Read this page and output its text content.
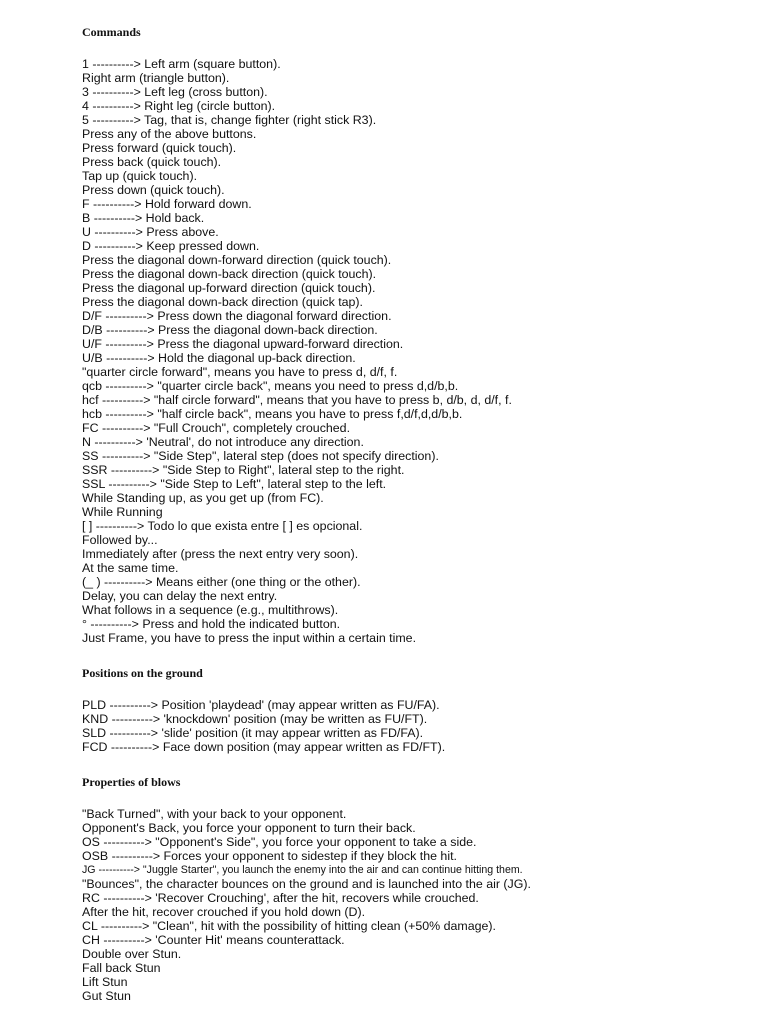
Commands
1 ----------> Left arm (square button).
Right arm (triangle button).
3 ----------> Left leg (cross button).
4 ----------> Right leg (circle button).
5 ----------> Tag, that is, change fighter (right stick R3).
Press any of the above buttons.
Press forward (quick touch).
Press back (quick touch).
Tap up (quick touch).
Press down (quick touch).
F ----------> Hold forward down.
B ----------> Hold back.
U ----------> Press above.
D ----------> Keep pressed down.
Press the diagonal down-forward direction (quick touch).
Press the diagonal down-back direction (quick touch).
Press the diagonal up-forward direction (quick touch).
Press the diagonal down-back direction (quick tap).
D/F ----------> Press down the diagonal forward direction.
D/B ----------> Press the diagonal down-back direction.
U/F ----------> Press the diagonal upward-forward direction.
U/B ----------> Hold the diagonal up-back direction.
"quarter circle forward", means you have to press d, d/f, f.
qcb ----------> "quarter circle back", means you need to press d,d/b,b.
hcf ----------> "half circle forward", means that you have to press b, d/b, d, d/f, f.
hcb ----------> "half circle back", means you have to press f,d/f,d,d/b,b.
FC ----------> "Full Crouch", completely crouched.
N ----------> 'Neutral', do not introduce any direction.
SS ----------> "Side Step", lateral step (does not specify direction).
SSR ----------> "Side Step to Right", lateral step to the right.
SSL ----------> "Side Step to Left", lateral step to the left.
While Standing up, as you get up (from FC).
While Running
[ ] ----------> Todo lo que exista entre [ ] es opcional.
Followed by...
Immediately after (press the next entry very soon).
At the same time.
(_ ) ----------> Means either (one thing or the other).
Delay, you can delay the next entry.
What follows in a sequence (e.g., multithrows).
° ----------> Press and hold the indicated button.
Just Frame, you have to press the input within a certain time.
Positions on the ground
PLD ----------> Position 'playdead' (may appear written as FU/FA).
KND ----------> 'knockdown' position (may be written as FU/FT).
SLD ----------> 'slide' position (it may appear written as FD/FA).
FCD ----------> Face down position (may appear written as FD/FT).
Properties of blows
"Back Turned", with your back to your opponent.
Opponent's Back, you force your opponent to turn their back.
OS ----------> "Opponent's Side", you force your opponent to take a side.
OSB ----------> Forces your opponent to sidestep if they block the hit.
JG ----------> "Juggle Starter", you launch the enemy into the air and can continue hitting them.
"Bounces", the character bounces on the ground and is launched into the air (JG).
RC ----------> 'Recover Crouching', after the hit, recovers while crouched.
After the hit, recover crouched if you hold down (D).
CL ----------> "Clean", hit with the possibility of hitting clean (+50% damage).
CH ----------> 'Counter Hit' means counterattack.
Double over Stun.
Fall back Stun
Lift Stun
Gut Stun
